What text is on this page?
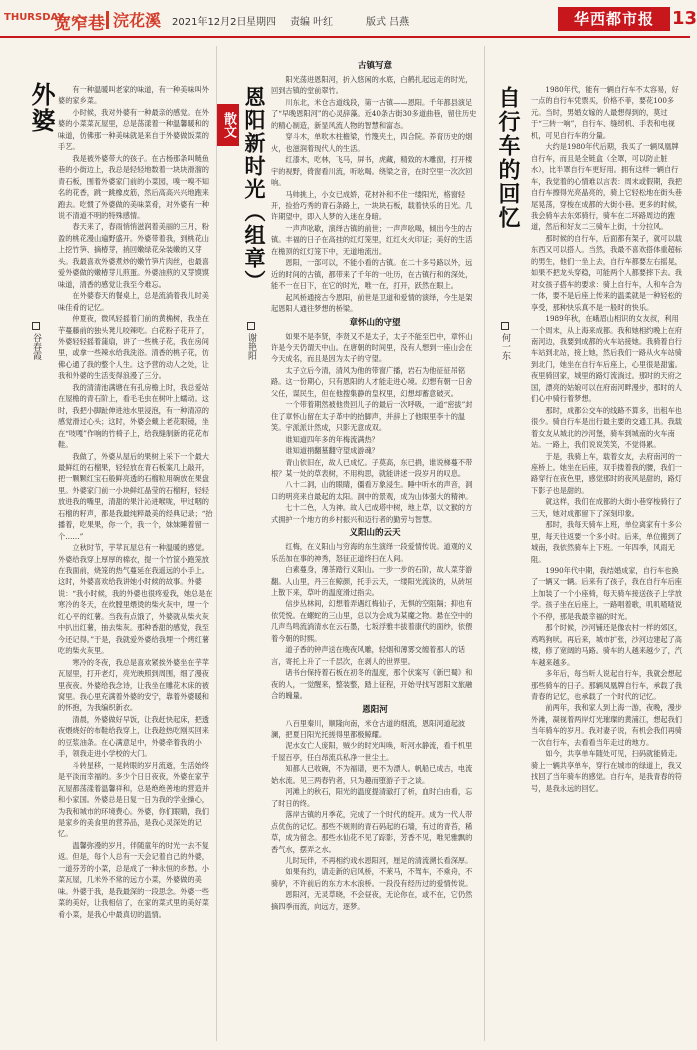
THURSDAY
宽窄巷 浣花溪 2021年12月2日 星期四 责编 叶红	版式 吕燕	华西都市报	13
外婆
谷春霞

有一种温暖叫老家的味道，有一种美味叫外婆的家乡菜。

小时候，我对外婆有一种最亲的感觉。在外婆的小菜菜瓦屋里，总是荡漾着一种温馨暖和的味道，仿佛那一种美味就是来自于外婆做饭菜的手艺。

我是被外婆带大的孩子。在古杨那条叫鲢鱼巷的小街边上，我总是轻轻地数着一块块滑溜的青石板，围着外婆家门前的小菜园，嗅一嗅不知名的花香，跳一跳橡皮筋，然后高高兴兴地跑来跑去。吃惯了外婆做的美味菜肴，对外婆有一种说不清道不明的特殊感情。

春天来了，春雨悄悄滋润着美丽的三月，粉盈的桃花漫山遍野盛开。外婆带着我，到桃花山上挖竹笋、摘椿芽，捎回嫩绿花朵装嫩的又芽头。我最喜欢外婆煮炒的嫩竹笋片肉丝，也最喜爱外婆做的嫩椿芽儿煎蛋。外婆油煎的又芽馍馍味道，清香的感觉让我至今难忘。

在外婆春天的餐桌上，总是流淌着我儿时美味佳肴的记忆。

仲夏夜，微风轻摇着门前的黄桷树，我坐在芋蔓藤前的独头凳儿咬辣吃。白花粉子花开了，外婆轻轻摇着蒲扇，讲了一些桃子花，我在房间里，或拿一些辣水给我洗浴。清香的桃子花，仿佛心通了我的整个人生。这予营的动人之处，让我和外婆的生活变得浪漫了三分。

我的清清池满塘在有孔房檐上时，我总爱站在屋檐的青石阶上，看毛毛虫在树叶上蠕动。这时，我把小脚趾伸进池水里浸泡，有一种清凉的感觉滑过心头；这时，外婆会戴上老花眼镜，坐在“吱嘎”作响的竹椅子上，给我缝制新的花花布鞋。

我做了，外婆从屋后的果树上采下一个最大最鲜红的石榴果，轻轻放在青石板案几上敲开，把一颗颗红宝石般鲜亮透的石榴粒用碗放在果盘里。外婆家门前一小块鲜红晶莹的石榴籽，轻轻放进我的嘴里，清甜的果汁沁进喉咙，甲过咽的石榴的籽声，都是我最纯粹最美的经典记录；“抬播着，吃果果，你一个，我一个，妹妹睡着留一个……”

立秋时节，芋苹瓦屋总有一种温暖的感觉。外婆给我穿上厚厚的棉衣，提一个竹筐小跑笼放在我面前，烧笼的热气蔓延在我遥远的小手上。这时，外婆喜欢给我讲她小时候的故事。外婆说：“我小时候，我的外婆也很疼爱我，她总是在寒冷的冬天，在炊膛里煨烫的柴火灰中，埋一个红心平的红薯。当我有点饿了，外婆就从柴火灰中扒出红薯，抽去柴灰。那种香甜的感觉，我至今还记得。”于是，我就爱外婆给我埋一个烤红薯吃的柴火灰里。

寒冷的冬夜，我总是喜欢紧挨外婆坐在芋苹瓦屋里，打开老灯，亮光映照到周围，细了漫夜里夜夜。外婆给我念诗，让我坐在雕花木床的被窝里。我心里充满着外婆的安宁，靠着外婆暖和的怀抱，为我编织新衣。

清晨，外婆做好早饭，让我赶快起床，把透夜煨烧好的布鞋给我穿上，让我趁热吃刚买回来的豆浆油条。在心满意足中，外婆牵着我的小手，领我走进小学校的大门。

斗转星移，一晃转眼的岁月流逝，生活始终是平淡而幸福的。多少个日日夜夜，外婆在家芋瓦屋都荡漾着温馨祥和，总是绝绝善地的营造并和小家国。外婆总是日复一日为我的学业操心，为我和城市的环境费心。外婆，你们眼睛，我们是家乡的美食里的营养品，是我心灵深处的记忆。

温馨弥漫的岁月，伴随童年的时光一去不复返。但是，每个人总有一天会记着自己的外婆，一道芬芳的小菜，总是成了一种永恒的乡愁。小菜瓦屋，几米外不常的远方小菜，外婆做的美味。外婆于我，是我最深的一段思念。外婆一些菜的美好，让我相信了，在家的菜式里的美好菜肴小菜，是我心中最真切的温情。

散文 恩阳新时光（组章）
谢艳阳
古镇写意

阳光荡进恩阳河，折入悠闲的水底，白鹤扎起远走的时光，回到古镇的堂前翠竹。

川东北，米仓古道线段，第一古镇——恩阳。千年都县演足了“早晚恩阳河”的心灵辞藻。近40条古街30多道曲巷，留住历史的精心制造，新显风流人物的智慧和富态。

穿斗木，单吹木柱檐梁，竹篾夹土，四合院。养育历史的烟火，也滋润着现代人的生活。

红漆木，吃林，飞马，屏书，虎藏，精致的木雕窗，打开楼宇的视野，倚窗看川流，听吆喝。绕梁之音，在时空里一次次回响。

马帅挑上，小女已成娇，花材补和不住一缕阳光，格窗轻开，捡拾巧秀的青石条路上，一块块石板，载着快乐的日光。几许期望中，即入人梦的入迷在身暗。

一声声吆歇，演绎古镇的前世；一声声吆喝，倾出今生的古镇。丰福的日子在高挂的红灯笼里，红红火火印证；美好的生活在檐顶的红灯笼下中，无道地流出。

恩阳，一部可以，不能小看的古镇。在二十多号路以外，远近的时间的古镇，都带来了千年的一吐历，在古镇行和的深处，能不一在日下，在它的时光，唯一在，打开，跃然在眼上。

起风桥通接古今恩阳，前世是卫道和爱情的演绎，今生是架起恩阳人通往梦想的桥梁。

章怀山的守望

如果不是李贤，李贤又不是太子，太子不能至巴中，章怀山许是今天仍谓天中山。在唐朝的时间里，没有人想到一座山会在今天成名，而且是因为太子的守望。

太子立后今清，清风为他的带窗广播，岩石为他征征吊铭路。这一份期心，只有恩阳的人才能走进心境。幻想有朝一日舍父任，谋民生，但在他搜集静的皇权里，幻想却蓄意破灭。

一个带着期然被他贵回儿子的最后一次呼吸，一道“密拔”封住了章怀山留在太子革中的抬脚声，并辞上了他眼里李十的温笑。宇派派计然成，只影无意成双。

谁知道四年多的年梅流满热？

谁知道捐翻墓翻守望成游魂？

青山依旧在，故人已成忆。子莫高，东已捐，谁说梯蔓不带根？某一处的草表树，不用构思，就能讲述一段岁月的叹息。

八十二洞，山的眼睛，僵看万象浸生。睡中听水的声音，洞口的明亮来自最起的太阳。洞中的景观，成为山体强大的精神。

七十二色，人为神。故人已成塔中树，地上草，以文猴的方式拥护一个地方的乡村振兴和迈行者的勤劳与智慧。

义阳山的云天

红梅，在义阳山与穷海的东生演绎一段爱情传说。道观的义乐岳加在事的神秀，怒征正道终扫在人间。

白素蔓身，薄茶踏行义阳山。一步一步的石阶，故人菜芽游翻。人山里，丹三在鲸颜，托手云天，一缕阳光流淡的，从砖垣上散下来，草叶的温度滑过指尖。

信步丛林间，幻想着弄遇红梅仙子，无惧的空阻隔；抑也有依凭悦。在螺蛇的三山里，总以为会成为某魔之物。悬在空中的几声鸟鸣流淌清水在云石墨，七坂浮雅丰拔着康代的面纱，依偎着今朝的时熙。

道子香的钟声送在晚夜风雕，轻烟和薄雾交缠着那人的话言，寄托上升了一千层次，在剥人的世界里。

诸书台保持着石板在初冬的温度，那个伏案写《新巴蜀》和夜的人，一觉醒来，整装整，踏上征程，开始寻找写恩阳文旅融合的魄量。

恩阳河

八百里秦川，顺隆向南，米仓古道的细流，恩阳河道起波澜，把夏日阳光托搓得里都极鲸耀。

泥水女亡人庞阳，贼少的时光叫唤，听河水静流，看千机里千屋百亭，任白昂流兵私净一世尘土。

知都人已收碗，不为福谱，更不为漂人。帆船已成古，电流始水流。见三两春钓者，只为趣而堕游子于之谈。

河滩上的秋石，阳光的温度提清澈打了析，血时白由看，忘了时日的终。

落岸古镇的月季花，完成了一个时代的绽开。成为一代人带点优伤的记忆。那些不规则的青石码起的石墙，有过的青苔，稀草，成为留念。那些水仙花不见了踪影，芳香不见，唯见雅飘的香气水，摆弄之水。

儿时玩伴，不再相约戏水恩阳河，厘足的清流溯长看深厚。

如果有约，请走新的启风桥，不莱马，不驾车，不乘舟，不骑驴，不许前后的东方木水浪桥。一段没有经历过的爱情传说。

恩阳河，无灵草晓，不会昼夜，无论你在，或不在，它仍然摘四季而流，向远方，逐梦。

自行车的回忆
何一东

1980年代，能有一辆自行车不太容易，好一点的自行车凭票买，价格不菲，要花100多元。当时，男婚女嫁的人最想得到的，莫过于“三转一响”，自行车、缝纫机、手表和电视机，可见自行车的分量。

大约是1980年代后期，我买了一辆凤凰牌自行车，而且是全链盒（全罩，可以防止脏水），比半罩自行车更好用。拥有这样一辆自行车，我觉着的心情难以言表：周末或假期，我把自行车擦得光亮晶亮的，骑上它轻松地在街头巷尾晃荡，穿梭在成都的大街小巷。更多的时候，我会骑车去东郊骑行，骑车在二环路周边的跑道，然后和好友二三骑车上街，十分拉风。

那时候的自行车，后面都有架子，就可以载东西又可以搭人。当然，我最不喜欢搭体重超标的男生，他们一坐上去，自行车都要左右摇晃，如果不把龙头穿稳，可能两个人都要摔下去。我对女孩子搭车的要求：骑上自行车，人和车合为一体，要不是后座上传来的温柔就是一种轻松的享受，那种快乐真不是一般时的快乐。

1989年秋，在峨眉山相识的女友叔，利用一个周末，从上海来成都。我和她相约晚上在府南河边，我要到成都的火车站接她。我骑着自行车站到北站，接上她，然后我们一路从火车站骑到北门，她坐在自行车后座上，心里很是甜蜜。夜里骑回家，城里的路灯流淌过。那时的天府之国，漂亮的姑娘可以在府南河畔漫步，那时的人们心中骑行着梦想。

那时，成都公交车的线路不算多，出租车也很少。骑自行车是出行最主要的交通工具。我载着女友从城北的沙河堡，骑车到城南的火车南站。一路上，我们说说笑笑，不觉得累。

于是，我骑上车，载着女友，去府南河的一座桥上。她坐在后座，双手搂着我的腰，我们一路穿行在夜色里，感觉那时的夜风是甜的，路灯下影子也是甜的。

就这样，我们在成都的大街小巷穿梭骑行了三天，她对成都留下了深刻印象。

那时，我每天骑车上班，单位离家有十多公里，每天往返要一个多小时。后来，单位搬到了城南，我依然骑车上下班。一年四季，风雨无阻。

1990年代中期，我结婚成家，自行车也换了一辆又一辆。后来有了孩子，我在自行车后座上加装了一个小座椅，每天骑车接送孩子上学放学。孩子坐在后座上，一路唱着歌，叽叽喳喳说个不停，那是我最幸福的时光。

那个时候，沙河铺还是像农村一样的郊区，鸡鸣狗吠。再后来，城市扩张，沙河边建起了高楼，修了宽阔的马路。骑车的人越来越少了，汽车越来越多。

多年后，每当听人说起自行车，我就会想起那些骑车的日子。那辆凤凰牌自行车，承载了我青春的记忆，也承载了一个时代的记忆。

前两年，我和家人到上海一游，夜晚，漫步外滩，凝视着两岸灯光璀璨的黄浦江，想起我们当年骑车的岁月。我对妻子说，有机会我们再骑一次自行车，去看看当年走过的地方。

如今，共享单车随处可见，扫码就能骑走。骑上一辆共享单车，穿行在城市的绿道上，我又找回了当年骑车的感觉。自行车，是我青春的符号，是我永远的回忆。
